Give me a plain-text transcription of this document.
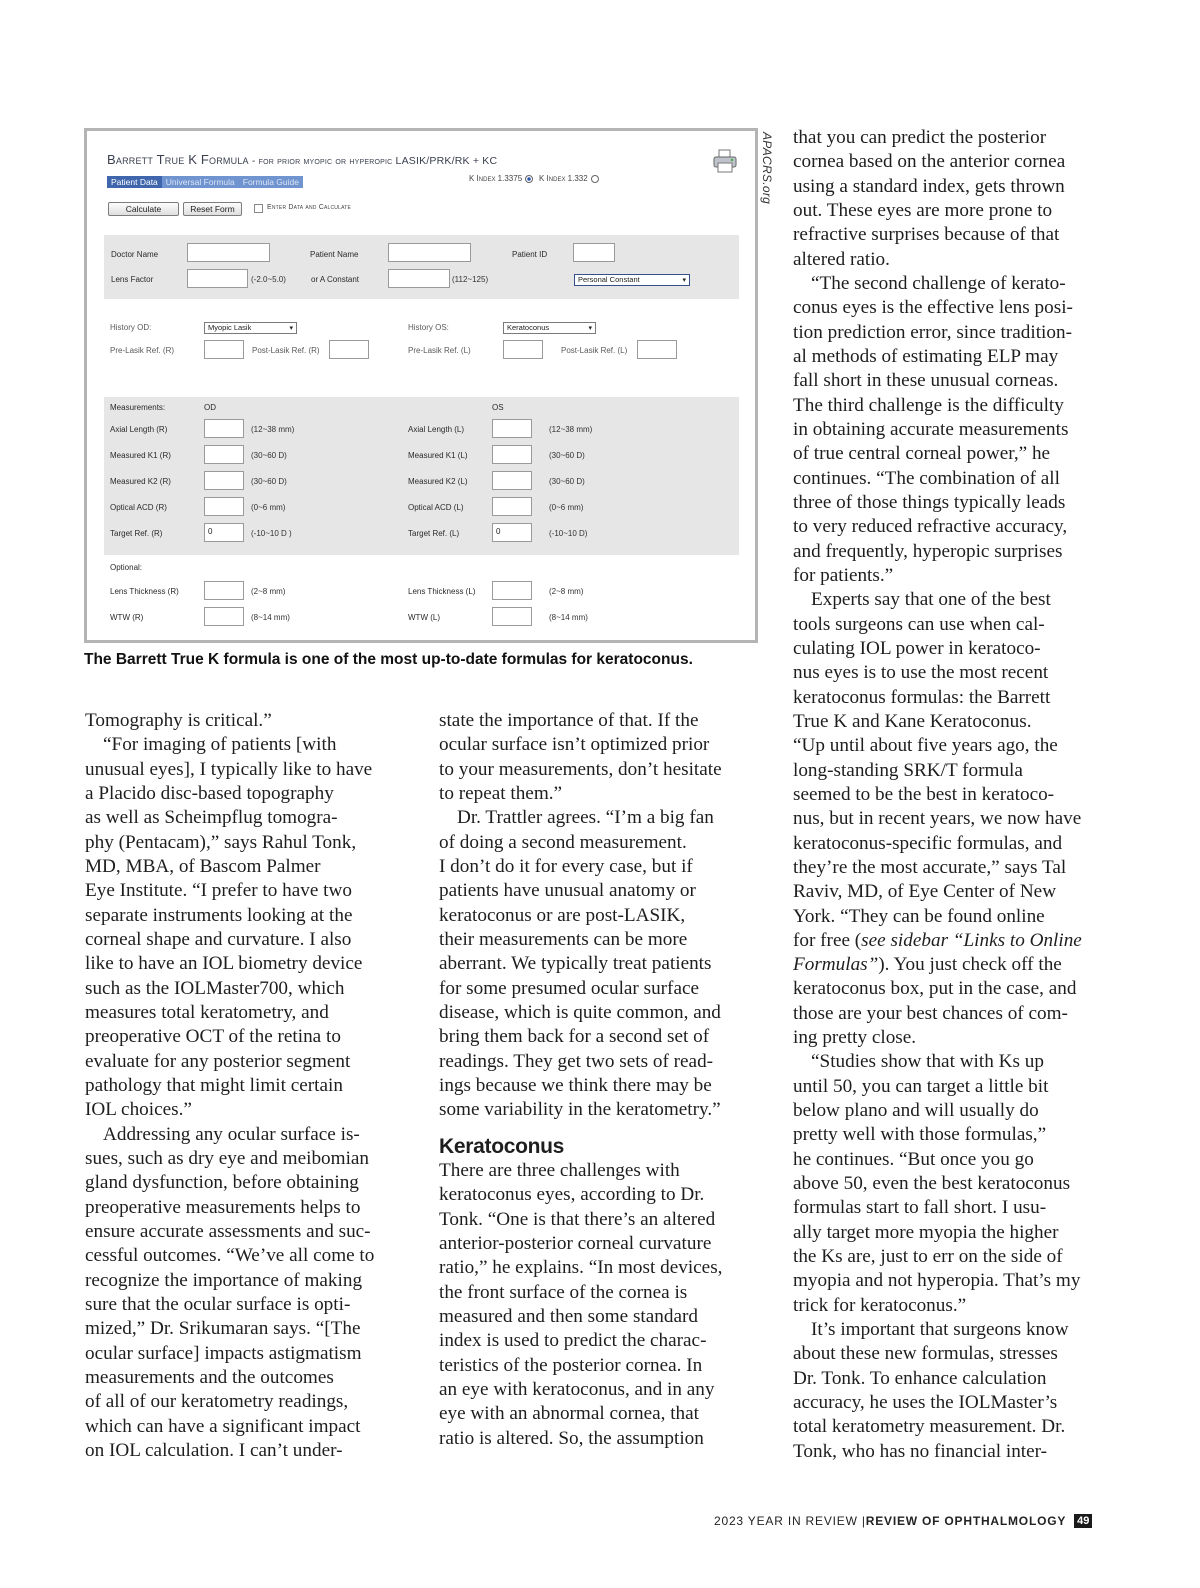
Barrett True K Formula - for prior myopic or hyperopic LASIK/PRK/RK + KC
Patient Data Universal Formula Formula Guide	K Index 1.3375 K Index 1.332
Calculate	Reset Form	Enter Data and Calculate
Doctor Name	Patient Name	Patient ID
Lens Factor	(-2.0~5.0)	or A Constant	(112~125)	Personal Constant	▾
History OD:	Myopic Lasik	▾	History OS:	Keratoconus	▾
Pre-Lasik Ref. (R)	Post-Lasik Ref. (R)	Pre-Lasik Ref. (L)	Post-Lasik Ref. (L)
Measurements:	OD	OS
Axial Length (R)	(12~38 mm)	Axial Length (L)	(12~38 mm)
Measured K1 (R)	(30~60 D)	Measured K1 (L)	(30~60 D)
Measured K2 (R)	(30~60 D)	Measured K2 (L)	(30~60 D)
Optical ACD (R)	(0~6 mm)	Optical ACD (L)	(0~6 mm)
Target Ref. (R)	0	(-10~10 D )	Target Ref. (L)	0	(-10~10 D)
Optional:
Lens Thickness (R)	(2~8 mm)	Lens Thickness (L)	(2~8 mm)
WTW (R)	(8~14 mm)	WTW (L)	(8~14 mm)
APACRS.org
The Barrett True K formula is one of the most up-to-date formulas for keratoconus.
Tomography is critical.”
“For imaging of patients [with
unusual eyes], I typically like to have
a Placido disc-based topography
as well as Scheimpflug tomogra-
phy (Pentacam),” says Rahul Tonk,
MD, MBA, of Bascom Palmer
Eye Institute. “I prefer to have two
separate instruments looking at the
corneal shape and curvature. I also
like to have an IOL biometry device
such as the IOLMaster700, which
measures total keratometry, and
preoperative OCT of the retina to
evaluate for any posterior segment
pathology that might limit certain
IOL choices.”
Addressing any ocular surface is-
sues, such as dry eye and meibomian
gland dysfunction, before obtaining
preoperative measurements helps to
ensure accurate assessments and suc-
cessful outcomes. “We’ve all come to
recognize the importance of making
sure that the ocular surface is opti-
mized,” Dr. Srikumaran says. “[The
ocular surface] impacts astigmatism
measurements and the outcomes
of all of our keratometry readings,
which can have a significant impact
on IOL calculation. I can’t under-
state the importance of that. If the
ocular surface isn’t optimized prior
to your measurements, don’t hesitate
to repeat them.”
Dr. Trattler agrees. “I’m a big fan
of doing a second measurement.
I don’t do it for every case, but if
patients have unusual anatomy or
keratoconus or are post-LASIK,
their measurements can be more
aberrant. We typically treat patients
for some presumed ocular surface
disease, which is quite common, and
bring them back for a second set of
readings. They get two sets of read-
ings because we think there may be
some variability in the keratometry.”
Keratoconus
There are three challenges with
keratoconus eyes, according to Dr.
Tonk. “One is that there’s an altered
anterior-posterior corneal curvature
ratio,” he explains. “In most devices,
the front surface of the cornea is
measured and then some standard
index is used to predict the charac-
teristics of the posterior cornea. In
an eye with keratoconus, and in any
eye with an abnormal cornea, that
ratio is altered. So, the assumption
that you can predict the posterior
cornea based on the anterior cornea
using a standard index, gets thrown
out. These eyes are more prone to
refractive surprises because of that
altered ratio.
“The second challenge of kerato-
conus eyes is the effective lens posi-
tion prediction error, since tradition-
al methods of estimating ELP may
fall short in these unusual corneas.
The third challenge is the difficulty
in obtaining accurate measurements
of true central corneal power,” he
continues. “The combination of all
three of those things typically leads
to very reduced refractive accuracy,
and frequently, hyperopic surprises
for patients.”
Experts say that one of the best
tools surgeons can use when cal-
culating IOL power in keratoco-
nus eyes is to use the most recent
keratoconus formulas: the Barrett
True K and Kane Keratoconus.
“Up until about five years ago, the
long-standing SRK/T formula
seemed to be the best in keratoco-
nus, but in recent years, we now have
keratoconus-specific formulas, and
they’re the most accurate,” says Tal
Raviv, MD, of Eye Center of New
York. “They can be found online
for free (see sidebar “Links to Online
Formulas”). You just check off the
keratoconus box, put in the case, and
those are your best chances of com-
ing pretty close.
“Studies show that with Ks up
until 50, you can target a little bit
below plano and will usually do
pretty well with those formulas,”
he continues. “But once you go
above 50, even the best keratoconus
formulas start to fall short. I usu-
ally target more myopia the higher
the Ks are, just to err on the side of
myopia and not hyperopia. That’s my
trick for keratoconus.”
It’s important that surgeons know
about these new formulas, stresses
Dr. Tonk. To enhance calculation
accuracy, he uses the IOLMaster’s
total keratometry measurement. Dr.
Tonk, who has no financial inter-
2023 YEAR IN REVIEW | REVIEW OF OPHTHALMOLOGY 49
